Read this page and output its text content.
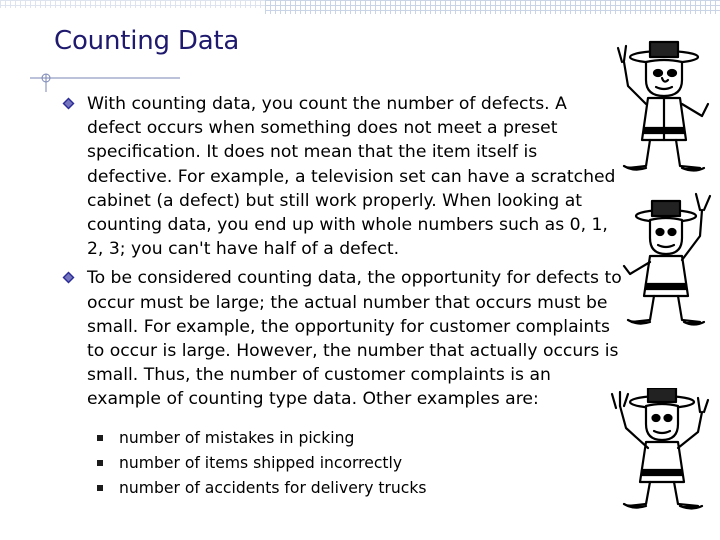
Counting Data

With counting data, you count the number of defects. A defect occurs when something does not meet a preset specification. It does not mean that the item itself is defective. For example, a television set can have a scratched cabinet (a defect) but still work properly. When looking at counting data, you end up with whole numbers such as 0, 1, 2, 3; you can't have half of a defect.

To be considered counting data, the opportunity for defects to occur must be large; the actual number that occurs must be small. For example, the opportunity for customer complaints to occur is large. However, the number that actually occurs is small. Thus, the number of customer complaints is an example of counting type data. Other examples are:

number of mistakes in picking
number of items shipped incorrectly
number of accidents for delivery trucks
